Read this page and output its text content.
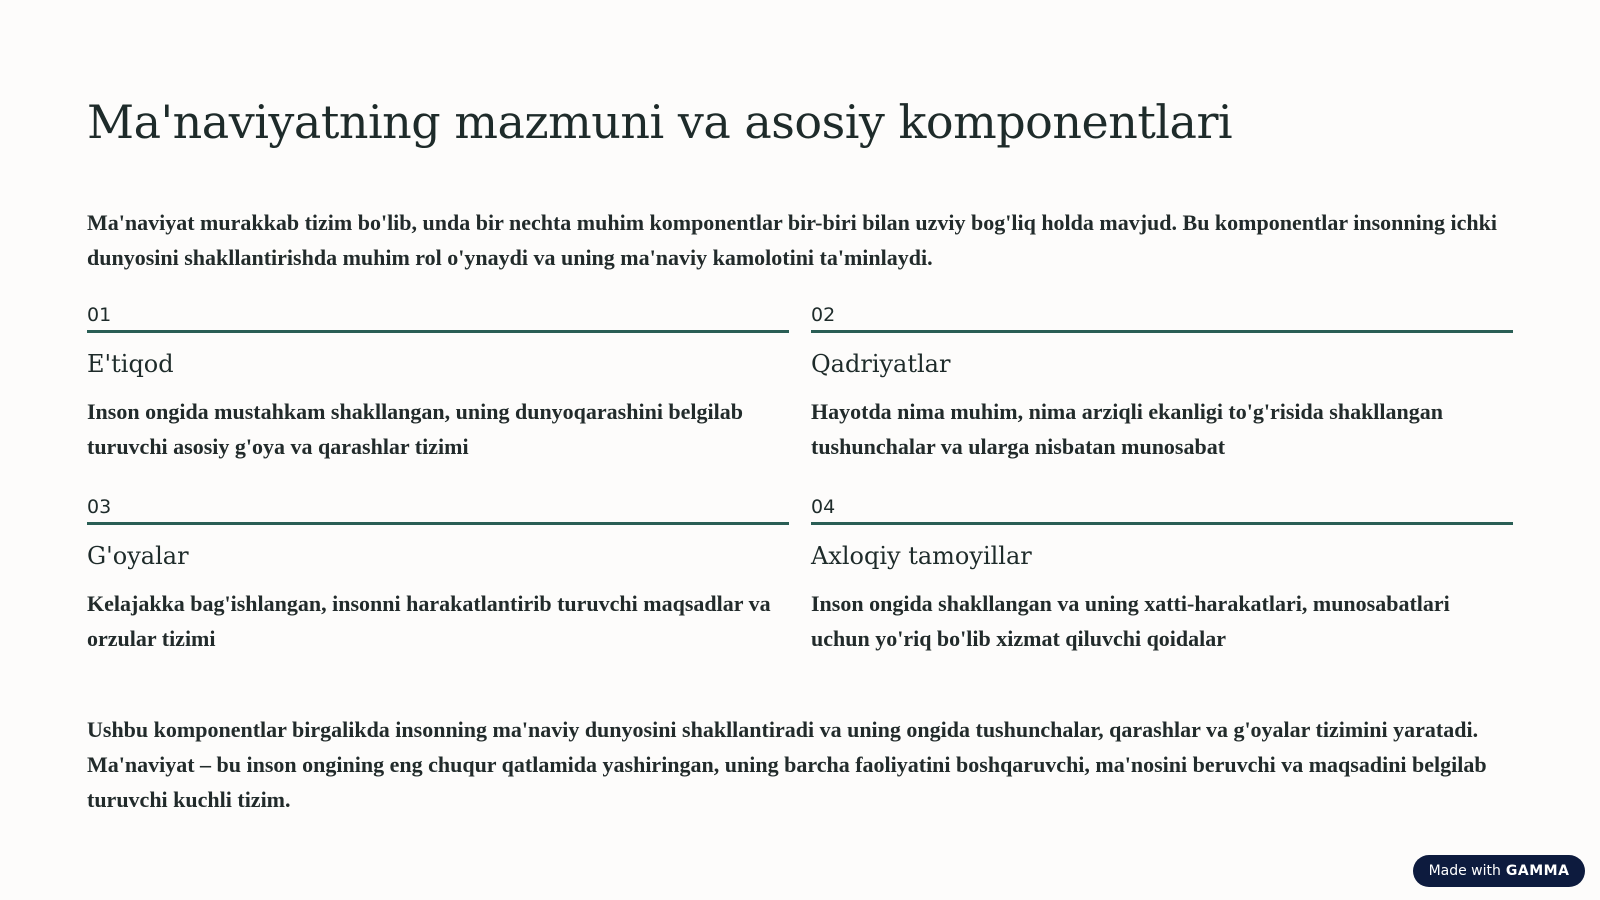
Ma'naviyatning mazmuni va asosiy komponentlari

Ma'naviyat murakkab tizim bo'lib, unda bir nechta muhim komponentlar bir-biri bilan uzviy bog'liq holda mavjud. Bu komponentlar insonning ichki dunyosini shakllantirishda muhim rol o'ynaydi va uning ma'naviy kamolotini ta'minlaydi.

01
E'tiqod
Inson ongida mustahkam shakllangan, uning dunyoqarashini belgilab turuvchi asosiy g'oya va qarashlar tizimi
02
Qadriyatlar
Hayotda nima muhim, nima arziqli ekanligi to'g'risida shakllangan tushunchalar va ularga nisbatan munosabat
03
G'oyalar
Kelajakka bag'ishlangan, insonni harakatlantirib turuvchi maqsadlar va orzular tizimi
04
Axloqiy tamoyillar
Inson ongida shakllangan va uning xatti-harakatlari, munosabatlari uchun yo'riq bo'lib xizmat qiluvchi qoidalar

Ushbu komponentlar birgalikda insonning ma'naviy dunyosini shakllantiradi va uning ongida tushunchalar, qarashlar va g'oyalar tizimini yaratadi. Ma'naviyat – bu inson ongining eng chuqur qatlamida yashiringan, uning barcha faoliyatini boshqaruvchi, ma'nosini beruvchi va maqsadini belgilab turuvchi kuchli tizim.

Made with GAMMA
